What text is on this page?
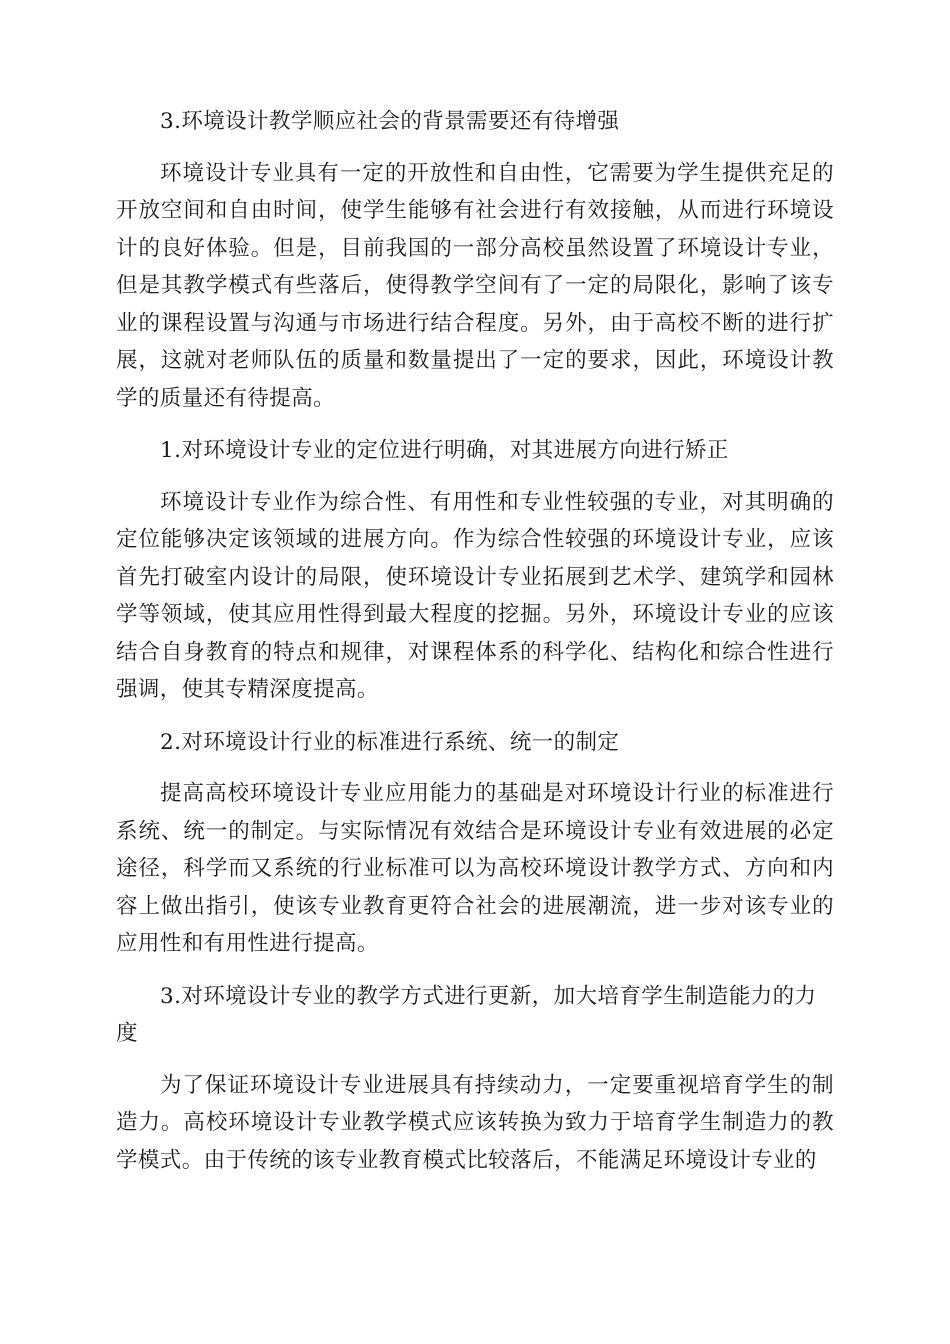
3.环境设计教学顺应社会的背景需要还有待增强

环境设计专业具有一定的开放性和自由性，它需要为学生提供充足的开放空间和自由时间，使学生能够有社会进行有效接触，从而进行环境设计的良好体验。但是，目前我国的一部分高校虽然设置了环境设计专业，但是其教学模式有些落后，使得教学空间有了一定的局限化，影响了该专业的课程设置与沟通与市场进行结合程度。另外，由于高校不断的进行扩展，这就对老师队伍的质量和数量提出了一定的要求，因此，环境设计教学的质量还有待提高。

1.对环境设计专业的定位进行明确，对其进展方向进行矫正

环境设计专业作为综合性、有用性和专业性较强的专业，对其明确的定位能够决定该领域的进展方向。作为综合性较强的环境设计专业，应该首先打破室内设计的局限，使环境设计专业拓展到艺术学、建筑学和园林学等领域，使其应用性得到最大程度的挖掘。另外，环境设计专业的应该结合自身教育的特点和规律，对课程体系的科学化、结构化和综合性进行强调，使其专精深度提高。

2.对环境设计行业的标准进行系统、统一的制定

提高高校环境设计专业应用能力的基础是对环境设计行业的标准进行系统、统一的制定。与实际情况有效结合是环境设计专业有效进展的必定途径，科学而又系统的行业标准可以为高校环境设计教学方式、方向和内容上做出指引，使该专业教育更符合社会的进展潮流，进一步对该专业的应用性和有用性进行提高。

3.对环境设计专业的教学方式进行更新，加大培育学生制造能力的力度

为了保证环境设计专业进展具有持续动力，一定要重视培育学生的制造力。高校环境设计专业教学模式应该转换为致力于培育学生制造力的教学模式。由于传统的该专业教育模式比较落后，不能满足环境设计专业的
